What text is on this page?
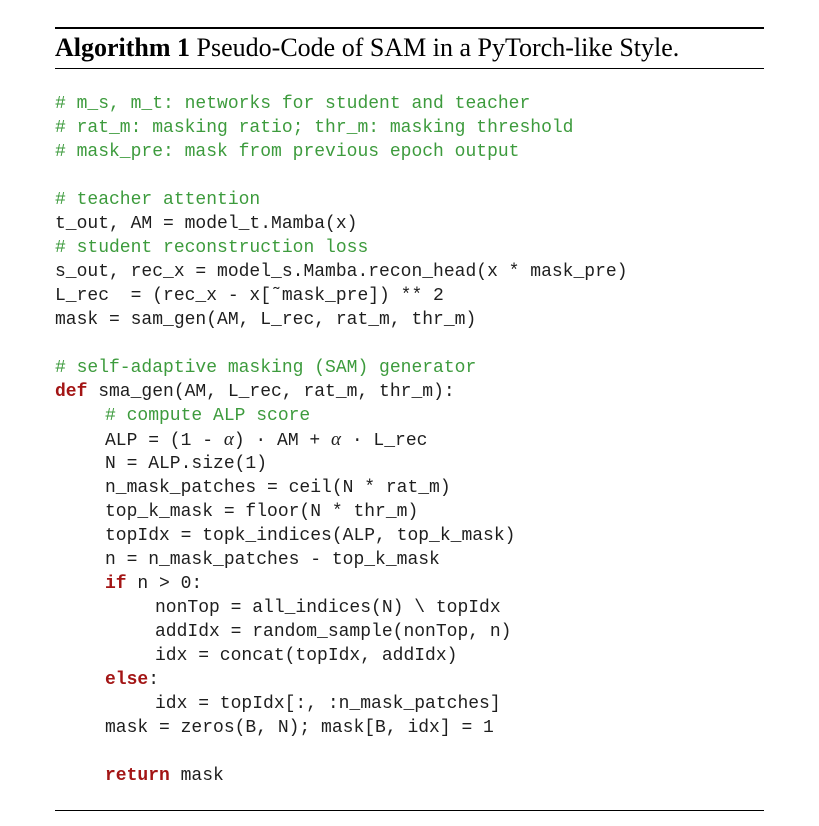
Algorithm 1 Pseudo-Code of SAM in a PyTorch-like Style.
# m_s, m_t: networks for student and teacher
# rat_m: masking ratio; thr_m: masking threshold
# mask_pre: mask from previous epoch output
# teacher attention
t_out, AM = model_t.Mamba(x)
# student reconstruction loss
s_out, rec_x = model_s.Mamba.recon_head(x * mask_pre)
L_rec  = (rec_x - x[˜mask_pre]) ** 2
mask = sam_gen(AM, L_rec, rat_m, thr_m)
# self-adaptive masking (SAM) generator
def sma_gen(AM, L_rec, rat_m, thr_m):
# compute ALP score
ALP = (1 - α) · AM + α · L_rec
N = ALP.size(1)
n_mask_patches = ceil(N * rat_m)
top_k_mask = floor(N * thr_m)
topIdx = topk_indices(ALP, top_k_mask)
n = n_mask_patches - top_k_mask
if n > 0:
nonTop = all_indices(N) \ topIdx
addIdx = random_sample(nonTop, n)
idx = concat(topIdx, addIdx)
else:
idx = topIdx[:, :n_mask_patches]
mask = zeros(B, N); mask[B, idx] = 1
return mask
